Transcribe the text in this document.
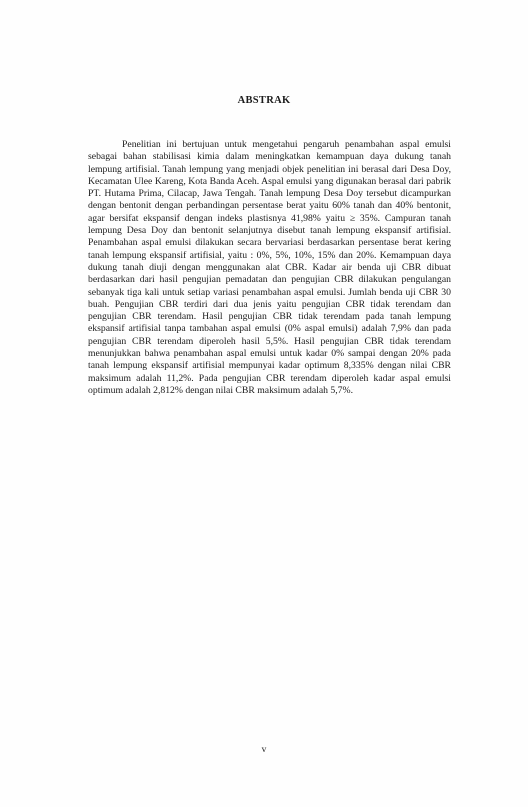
ABSTRAK

Penelitian ini bertujuan untuk mengetahui pengaruh penambahan aspal emulsi sebagai bahan stabilisasi kimia dalam meningkatkan kemampuan daya dukung tanah lempung artifisial. Tanah lempung yang menjadi objek penelitian ini berasal dari Desa Doy, Kecamatan Ulee Kareng, Kota Banda Aceh. Aspal emulsi yang digunakan berasal dari pabrik PT. Hutama Prima, Cilacap, Jawa Tengah. Tanah lempung Desa Doy tersebut dicampurkan dengan bentonit dengan perbandingan persentase berat yaitu 60% tanah dan 40% bentonit, agar bersifat ekspansif dengan indeks plastisnya 41,98% yaitu ≥ 35%. Campuran tanah lempung Desa Doy dan bentonit selanjutnya disebut tanah lempung ekspansif artifisial. Penambahan aspal emulsi dilakukan secara bervariasi berdasarkan persentase berat kering tanah lempung ekspansif artifisial, yaitu : 0%, 5%, 10%, 15% dan 20%. Kemampuan daya dukung tanah diuji dengan menggunakan alat CBR. Kadar air benda uji CBR dibuat berdasarkan dari hasil pengujian pemadatan dan pengujian CBR dilakukan pengulangan sebanyak tiga kali untuk setiap variasi penambahan aspal emulsi. Jumlah benda uji CBR 30 buah. Pengujian CBR terdiri dari dua jenis yaitu pengujian CBR tidak terendam dan pengujian CBR terendam. Hasil pengujian CBR tidak terendam pada tanah lempung ekspansif artifisial tanpa tambahan aspal emulsi (0% aspal emulsi) adalah 7,9% dan pada pengujian CBR terendam diperoleh hasil 5,5%. Hasil pengujian CBR tidak terendam menunjukkan bahwa penambahan aspal emulsi untuk kadar 0% sampai dengan 20% pada tanah lempung ekspansif artifisial mempunyai kadar optimum 8,335% dengan nilai CBR maksimum adalah 11,2%. Pada pengujian CBR terendam diperoleh kadar aspal emulsi optimum adalah 2,812% dengan nilai CBR maksimum adalah 5,7%.

v
